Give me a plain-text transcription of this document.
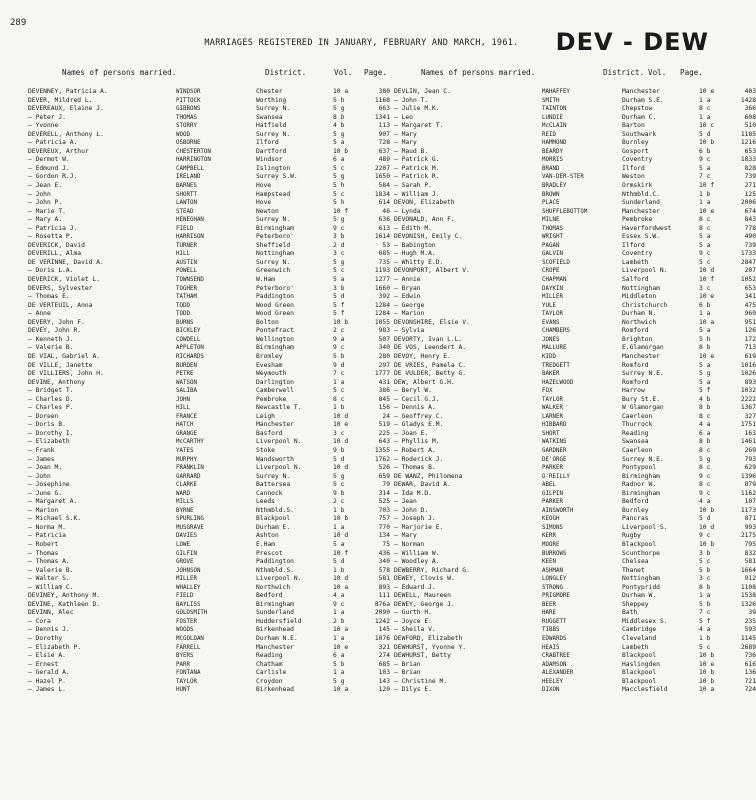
289
MARRIAGES REGISTERED IN JANUARY, FEBRUARY AND MARCH, 1961.	DEV - DEW
Names of persons married.	District.	Vol. Page.	Names of persons married.	District. Vol. Page.
DEVENNEY, Patricia A.	WINDSOR	Chester	10 a	380
DEVER, Mildred L.	PITTOCK	Worthing	5 h	1168
DEVEREAUX, Elaine J.	GIBBONS	Surrey N.	5 g	663
— Peter J.	THOMAS	Swansea	8 b	1341
— Yvonne	STORRY	Hatfield	4 b	113
DEVERELL, Anthony L.	WOOD	Surrey N.	5 g	907
— Patricia A.	OSBORNE	Ilford	5 a	728
DEVEREUX, Arthur	CHESTERTON	Dartford	10 b	637
— Dermot W.	HARRINGTON	Windsor	6 a	489
— Edmund J.	CAMPBELL	Islington	5 c	2207
— Gordon R.J.	IRELAND	Surrey S.W.	5 g	1650
— Jean E.	BARNES	Hove	5 h	584
— John	SHORTT	Hampstead	5 c	1834
— John P.	LAWTON	Hove	5 h	614
— Marie T.	STEAD	Newton	10 f	46
— Mary A.	HENEGHAN	Surrey N.	5 g	636
— Patricia J.	FIELD	Birmingham	9 c	613
— Rosetta P.	HARRISON	Peterboro'	3 b	1614
DEVERICK, David	TURNER	Sheffield	2 d	53
DEVERILL, Alma	HILL	Nottingham	3 c	685
DE VERINNE, David A.	AUSTIN	Surrey N.	5 g	735
— Doris L.A.	POWELL	Greenwich	5 c	1193
DEVERICK, Violet L.	TOWNSEND	W.Ham	5 a	1277
DEVERS, Sylvester	TOGHER	Peterboro'	3 b	1660
— Thomas E.	TATHAM	Paddington	5 d	392
DE VERTEUIL, Anna	TODD	Wood Green	5 f	1284
— Anne	TODD	Wood Green	5 f	1284
DEVERY, John F.	BURNS	Bolton	10 b	1055
DEVEY, John R.	BICKLEY	Pontefract	2 c	983
— Kenneth J.	COWDELL	Wellington	9 a	507
— Valerie B.	APPLETON	Birmingham	9 c	340
DE VIAL, Gabriel A.	RICHARDS	Bromley	5 b	280
DE VILLE, Janette	BURDEN	Evesham	9 d	297
DE VILLIERS, John H.	PETRE	Weymouth	7 c	1777
DEVINE, Anthony	WATSON	Darlington	1 a	431
— Bridget T.	SALIBA	Camberwell	5 c	386
— Charles D.	JOHN	Pembroke	8 c	845
— Charles P.	HILL	Newcastle T.	1 b	156
— Doreen	FRANCE	Leigh	10 d	24
— Doris B.	HATCH	Manchester	10 e	519
— Dorothy I.	GRANGE	Basford	3 c	225
— Elizabeth	McCARTHY	Liverpool N.	10 d	643
— Frank	YATES	Stoke	9 b	1355
— James	MURPHY	Wandsworth	5 d	1762
— Joan M.	FRANKLIN	Liverpool N.	10 d	526
— John	GARRARD	Surrey N.	5 g	659
— Josephine	CLARKE	Battersea	5 c	79
— June G.	WARD	Cannock	9 b	314
— Margaret A.	MILLS	Leeds	2 c	525
— Marion	BYRNE	Nthmbld.S.	1 b	703
— Michael S.K.	SPURLING	Blackpool	10 b	757
— Norma M.	MUSGRAVE	Durham E.	1 a	770
— Patricia	DAVIES	Ashton	10 d	134
— Robert	LOWE	E.Ham	5 a	75
— Thomas	GILFIN	Prescot	10 f	436
— Thomas A.	GROVE	Paddington	5 d	340
— Valerie B.	JOHNSON	Nthmbld.S.	1 b	578
— Walter S.	MILLER	Liverpool N.	10 d	581
— William C.	WHALLEY	Northwich	10 a	893
DEVINEY, Anthony M.	FIELD	Bedford	4 a	111
DEVINE, Kathleen D.	BAYLISS	Birmingham	9 c	876a
DEVINN, Alec	GOLDSMITH	Sunderland	1 a	2090
— Cora	FOSTER	Huddersfield	2 b	1242
— Dennis J.	WOODS	Birkenhead	10 a	145
— Dorothy	MCGOLDAN	Durham N.E.	1 a	1076
— Elizabeth P.	FARRELL	Manchester	10 e	321
— Elsie A.	BYERS	Reading	6 a	274
— Ernest	PARR	Chatham	5 b	685
— Gerald A.	FONTANA	Carlisle	1 a	103
— Hazel P.	TAYLOR	Croydon	5 g	143
— James L.	HUNT	Birkenhead	10 a	120
DEVLIN, Jean C.	MAHAFFEY	Manchester	10 e	403
— John T.	SMITH	Durham S.E.	1 a	1428
— Julie M.K.	TAINTON	Chepstow	8 c	366
— Leo	LUNDIE	Durham C.	1 a	608
— Margaret T.	McCLAIN	Barton	10 c	510
— Mary	REID	Southwark	5 d	1185
— Mary	HAMMOND	Burnley	10 b	1216
— Maud B.	BEARDY	Gosport	6 b	653
— Patrick G.	MORRIS	Coventry	9 c	1833
— Patrick M.	BRAND	Ilford	5 a	828
— Patrick R.	VAN-DER-STER	Weston	7 c	739
— Sarah P.	BRADLEY	Ormskirk	10 f	271
— William J.	BROWN	Nthmbld.C.	1 b	125
DEVON, Elizabeth	PLACE	Sunderland	1 a	2006
— Lynda	SHUFFLEBOTTOM	Manchester	10 e	674
DEVONALD, Ann F.	MILNE	Pembroke	8 c	843
— Edith M.	THOMAS	Haverfordwest	8 c	778
DEVONISH, Emily C.	WRIGHT	Essex S.W.	5 a	490
— Babington	PAGAN	Ilford	5 a	739
— Hugh M.A.	GALVIN	Coventry	9 c	1733
— Whitty E.D.	SCOFIELD	Lambeth	5 c	2847
DEVONPORT, Albert V.	CROPE	Liverpool N.	10 d	207
— Annie	CHAPMAN	Salford	10 f	1052
— Bryan	DAYKIN	Nottingham	3 c	653
— Edwin	MILLER	Middleton	10 e	341
— George	YULE	Christchurch	6 b	475
— Marion	TAYLOR	Durham N.	1 a	960
DEVONSHIRE, Elsie V.	EVANS	Northwich	10 a	951
— Sylvia	CHAMBERS	Romford	5 a	126
DEVORTY, Ivan L.L.	JONES	Brighton	5 h	172
DE VOS, Leendert A.	MALLURE	E.Glamorgan	8 b	713
DEVOY, Henry E.	KIDD	Manchester	10 e	619
DE VRIES, Pamela C.	TREDGETT	Romford	5 a	1016
DE VULDER, Betty G.	BAKER	Surrey N.E.	5 g	1026
DEW, Albert G.H.	HAZELWOOD	Romford	5 a	893
— Beryl W.	FOX	Harrow	5 f	1032
— Cecil G.J.	TAYLOR	Bury St.E.	4 b	2222
— Dennis A.	WALKER	W Glamorgan	8 b	1367
— Geoffrey C.	LARNER	Caerleon	8 c	327
— Gladys E.M.	HIBBARD	Thurrock	4 a	1751
— Joan E.	SHORT	Reading	6 a	163
— Phyllis M.	WATKINS	Swansea	8 b	1461
— Robert A.	GARDNER	Caerleon	8 c	269
— Roderick J.	DE'ORGE	Surrey N.E.	5 g	793
— Thomas B.	PARKER	Pontypool	8 c	629
DE WANZ, Philomena	O'REILLY	Birmingham	9 c	1396
DEWAR, David A.	ABEL	Radnor W.	8 c	879
— Ida M.D.	GILPIN	Birmingham	9 c	1162
— Jean	PARKER	Bedford	4 a	107
— John D.	AINSWORTH	Burnley	10 b	1173
— Joseph J.	KEOGH	Pancras	5 d	871
— Marjorie E.	SIMONS	Liverpool S.	10 d	993
— Mary	KERR	Rugby	9 c	2175
— Norman	MOORE	Blackpool	10 b	795
— William W.	BURROWS	Scunthorpe	3 b	832
— Woodley A.	KEEN	Chelsea	5 c	581
DEWBERRY, Richard G.	ASHMAN	Thanet	5 b	1664
DEWEY, Clovis W.	LONGLEY	Nottingham	3 c	912
— Edward J.	STRONG	Pontypridd	8 b	1108
DEWELL, Maureen	PRIGMORE	Durham W.	1 a	1538
DEWEY, George J.	BEER	Sheppey	5 b	1326
— Gurth H.	HARE	Bath	7 c	39
— Joyce E.	RUGGETT	Middlesex S.	5 f	235
— Sheila V.	TIBBS	Cambridge	4 a	593
DEWFORD, Elizabeth	EDWARDS	Cleveland	1 b	1145
DEWHURST, Yvonne Y.	HEAIS	Lambeth	5 c	2689
DEWHURST, Betty	CRABTREE	Blackpool	10 b	736
— Brian	ADAMSON	Haslingden	10 e	616
— Brian	ALEXANDER	Blackpool	10 b	136
— Christine M.	HEELEY	Blackpool	10 b	721
— Dilys E.	DIXON	Macclesfield	10 a	724
